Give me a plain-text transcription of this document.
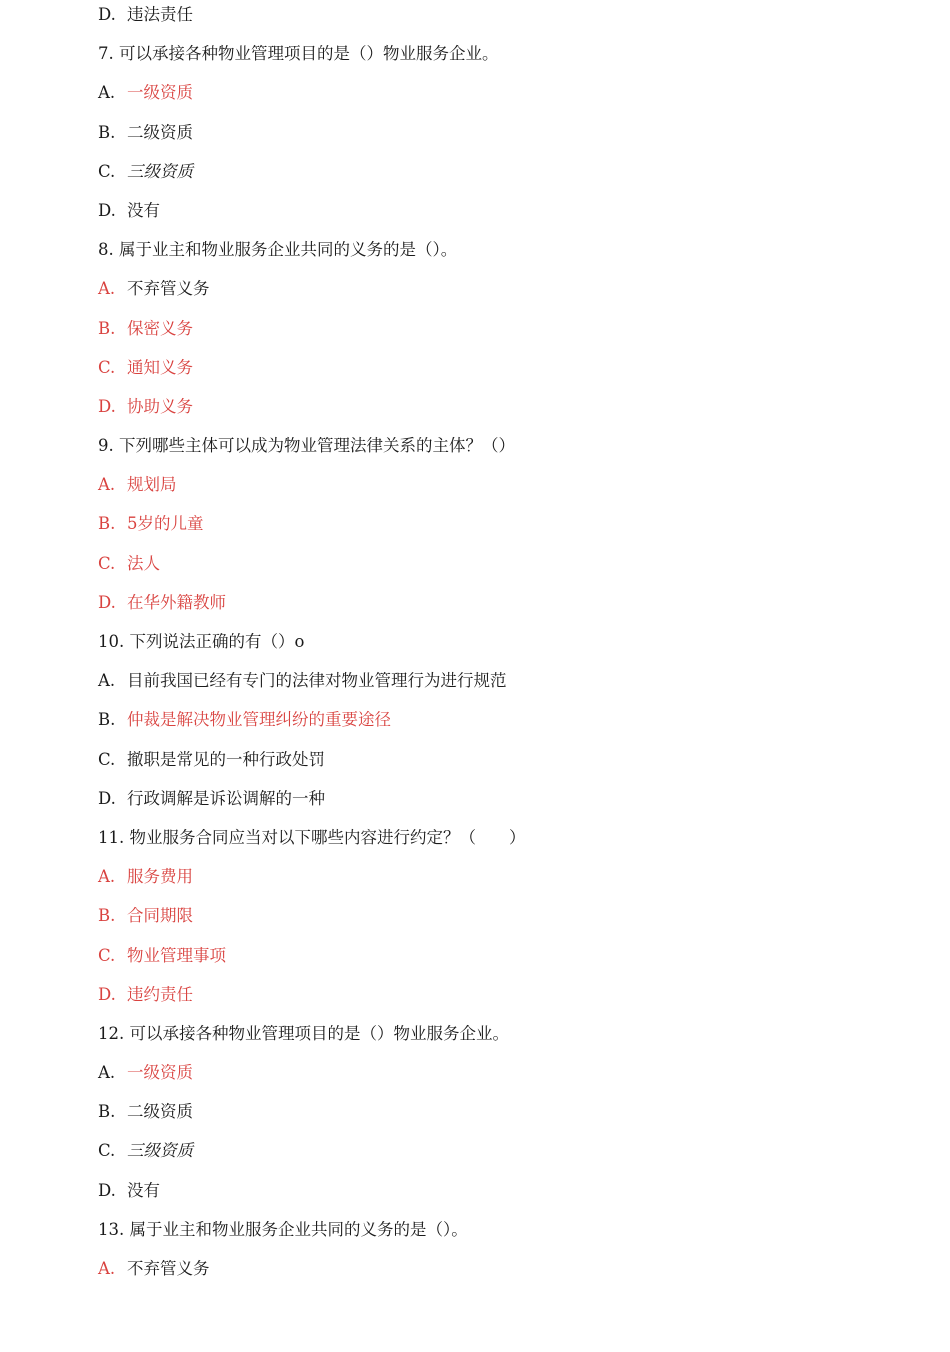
D. 违法责任
7. 可以承接各种物业管理项目的是（）物业服务企业。
A. 一级资质
B. 二级资质
C. 三级资质
D. 没有
8. 属于业主和物业服务企业共同的义务的是（）。
A. 不弃管义务
B. 保密义务
C. 通知义务
D. 协助义务
9. 下列哪些主体可以成为物业管理法律关系的主体？（）
A. 规划局
B. 5岁的儿童
C. 法人
D. 在华外籍教师
10. 下列说法正确的有（）o
A. 目前我国已经有专门的法律对物业管理行为进行规范
B. 仲裁是解决物业管理纠纷的重要途径
C. 撤职是常见的一种行政处罚
D. 行政调解是诉讼调解的一种
11. 物业服务合同应当对以下哪些内容进行约定？（　　）
A. 服务费用
B. 合同期限
C. 物业管理事项
D. 违约责任
12. 可以承接各种物业管理项目的是（）物业服务企业。
A. 一级资质
B. 二级资质
C. 三级资质
D. 没有
13. 属于业主和物业服务企业共同的义务的是（）。
A. 不弃管义务
